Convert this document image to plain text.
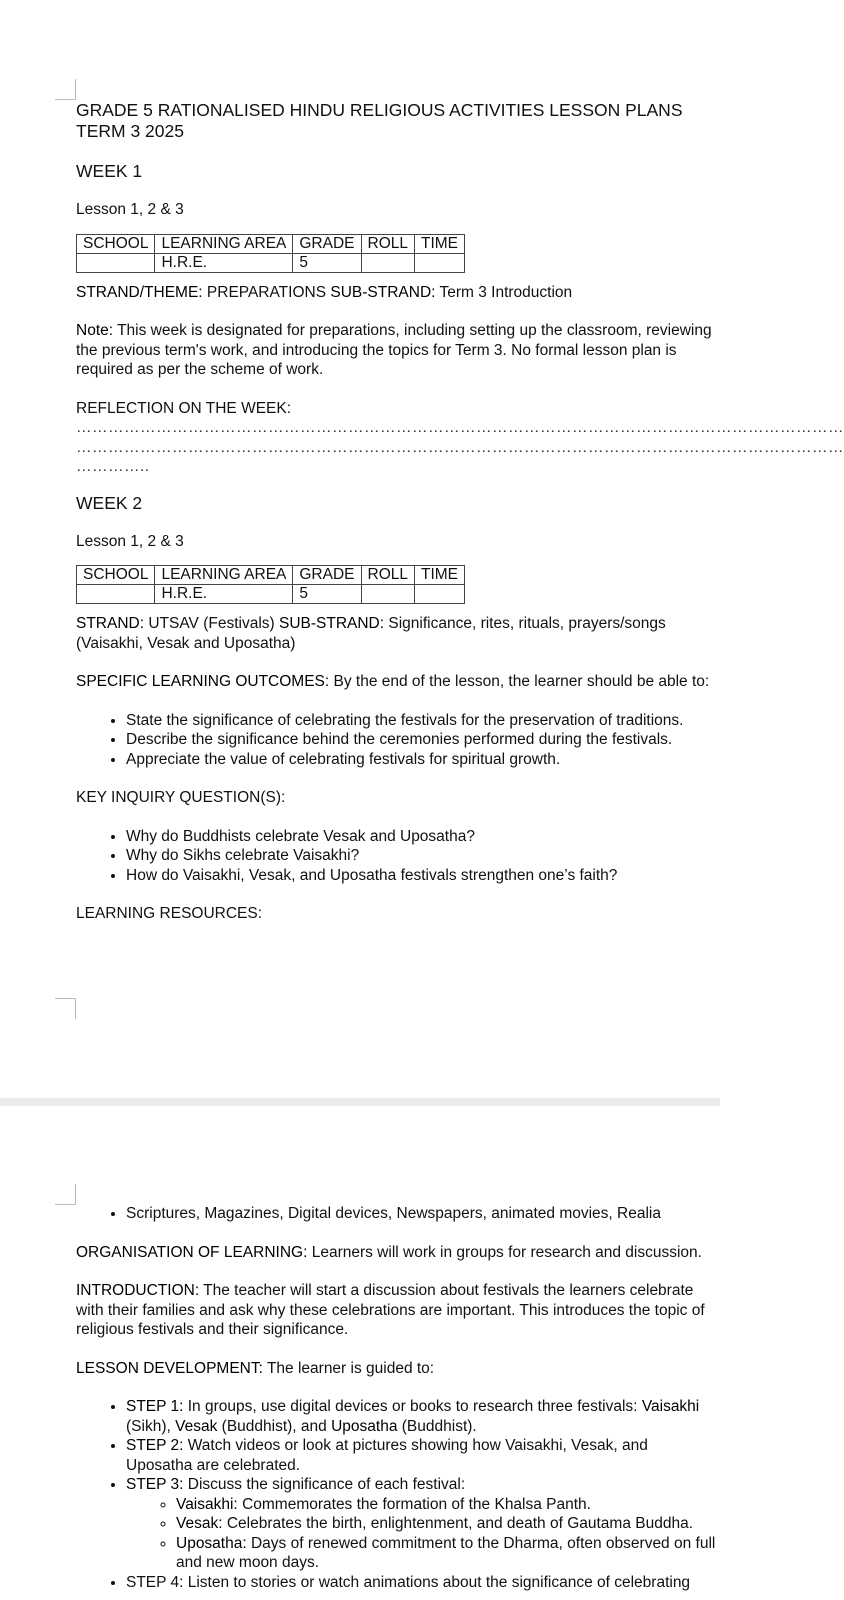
GRADE 5 RATIONALISED HINDU RELIGIOUS ACTIVITIES LESSON PLANS TERM 3 2025

WEEK 1

Lesson 1, 2 & 3

SCHOOL	LEARNING AREA	GRADE	ROLL	TIME
	H.R.E.	5		

STRAND/THEME: PREPARATIONS SUB-STRAND: Term 3 Introduction

Note: This week is designated for preparations, including setting up the classroom, reviewing the previous term's work, and introducing the topics for Term 3. No formal lesson plan is required as per the scheme of work.

REFLECTION ON THE WEEK:

………………………………………………………………………………………………………………………………
………………………………………………………………………………………………………………………………
…………..

WEEK 2

Lesson 1, 2 & 3

SCHOOL	LEARNING AREA	GRADE	ROLL	TIME
	H.R.E.	5		

STRAND: UTSAV (Festivals) SUB-STRAND: Significance, rites, rituals, prayers/songs (Vaisakhi, Vesak and Uposatha)

SPECIFIC LEARNING OUTCOMES: By the end of the lesson, the learner should be able to:

• State the significance of celebrating the festivals for the preservation of traditions.
• Describe the significance behind the ceremonies performed during the festivals.
• Appreciate the value of celebrating festivals for spiritual growth.

KEY INQUIRY QUESTION(S):

• Why do Buddhists celebrate Vesak and Uposatha?
• Why do Sikhs celebrate Vaisakhi?
• How do Vaisakhi, Vesak, and Uposatha festivals strengthen one’s faith?

LEARNING RESOURCES:

• Scriptures, Magazines, Digital devices, Newspapers, animated movies, Realia

ORGANISATION OF LEARNING: Learners will work in groups for research and discussion.

INTRODUCTION: The teacher will start a discussion about festivals the learners celebrate with their families and ask why these celebrations are important. This introduces the topic of religious festivals and their significance.

LESSON DEVELOPMENT: The learner is guided to:

• STEP 1: In groups, use digital devices or books to research three festivals: Vaisakhi (Sikh), Vesak (Buddhist), and Uposatha (Buddhist).
• STEP 2: Watch videos or look at pictures showing how Vaisakhi, Vesak, and Uposatha are celebrated.
• STEP 3: Discuss the significance of each festival:
◦ Vaisakhi: Commemorates the formation of the Khalsa Panth.
◦ Vesak: Celebrates the birth, enlightenment, and death of Gautama Buddha.
◦ Uposatha: Days of renewed commitment to the Dharma, often observed on full and new moon days.
• STEP 4: Listen to stories or watch animations about the significance of celebrating
